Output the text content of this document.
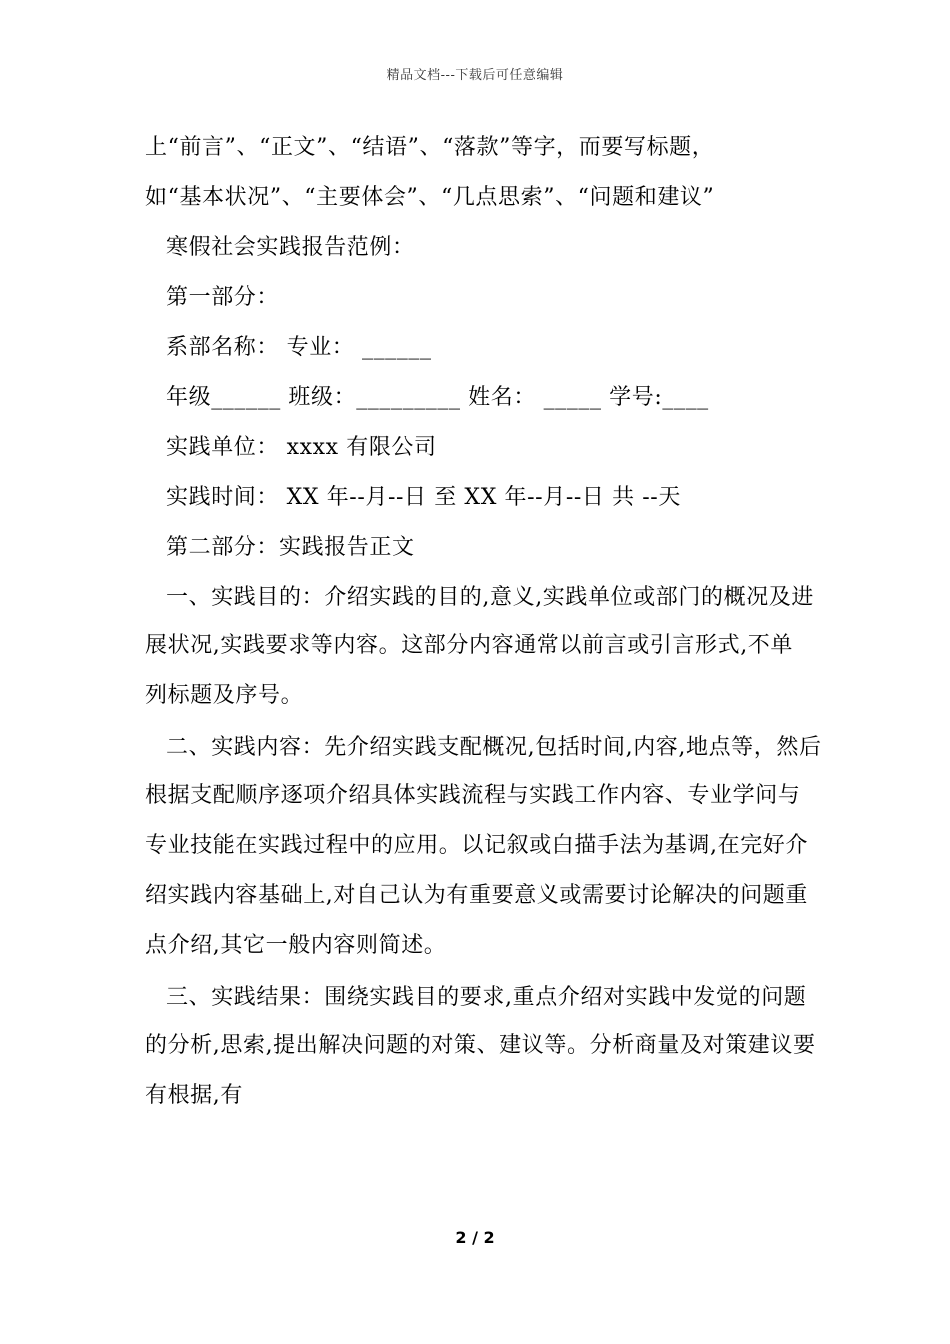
精品文档---下载后可任意编辑
上“前言”、“正文”、“结语”、“落款”等字，而要写标题，
如“基本状况”、“主要体会”、“几点思索”、“问题和建议”
寒假社会实践报告范例：
第一部分：
系部名称： 专业： ______
年级______ 班级：_________ 姓名： _____ 学号:____
实践单位： xxxx 有限公司
实践时间： XX 年--月--日 至 XX 年--月--日 共 --天
第二部分：实践报告正文
一、实践目的：介绍实践的目的,意义,实践单位或部门的概况及进
展状况,实践要求等内容。这部分内容通常以前言或引言形式,不单
列标题及序号。
二、实践内容：先介绍实践支配概况,包括时间,内容,地点等，然后
根据支配顺序逐项介绍具体实践流程与实践工作内容、专业学问与
专业技能在实践过程中的应用。以记叙或白描手法为基调,在完好介
绍实践内容基础上,对自己认为有重要意义或需要讨论解决的问题重
点介绍,其它一般内容则简述。
三、实践结果：围绕实践目的要求,重点介绍对实践中发觉的问题
的分析,思索,提出解决问题的对策、建议等。分析商量及对策建议要
有根据,有
2 / 2
